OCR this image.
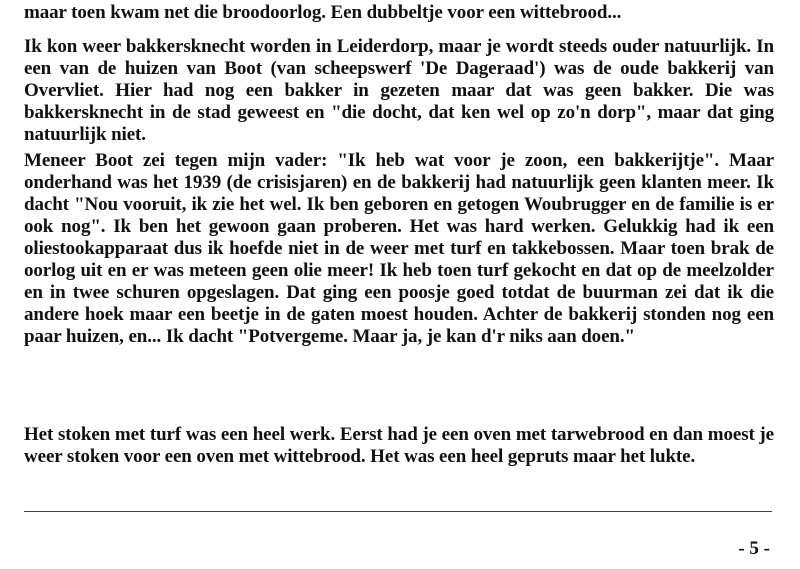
maar toen kwam net die broodoorlog. Een dubbeltje voor een wittebrood...

Ik kon weer bakkersknecht worden in Leiderdorp, maar je wordt steeds ouder natuurlijk. In een van de huizen van Boot (van scheepswerf 'De Dageraad') was de oude bakkerij van Overvliet. Hier had nog een bakker in gezeten maar dat was geen bakker. Die was bakkersknecht in de stad geweest en "die docht, dat ken wel op zo'n dorp", maar dat ging natuurlijk niet.

Meneer Boot zei tegen mijn vader: "Ik heb wat voor je zoon, een bakkerijtje". Maar onderhand was het 1939 (de crisisjaren) en de bakkerij had natuurlijk geen klanten meer. Ik dacht "Nou vooruit, ik zie het wel. Ik ben geboren en getogen Woubrugger en de familie is er ook nog". Ik ben het gewoon gaan proberen. Het was hard werken. Gelukkig had ik een oliestookapparaat dus ik hoefde niet in de weer met turf en takkebossen. Maar toen brak de oorlog uit en er was meteen geen olie meer! Ik heb toen turf gekocht en dat op de meelzolder en in twee schuren opgeslagen. Dat ging een poosje goed totdat de buurman zei dat ik die andere hoek maar een beetje in de gaten moest houden. Achter de bakkerij stonden nog een paar huizen, en... Ik dacht "Potvergeme. Maar ja, je kan d'r niks aan doen."

Het stoken met turf was een heel werk. Eerst had je een oven met tarwebrood en dan moest je weer stoken voor een oven met wittebrood. Het was een heel gepruts maar het lukte.

- 5 -
